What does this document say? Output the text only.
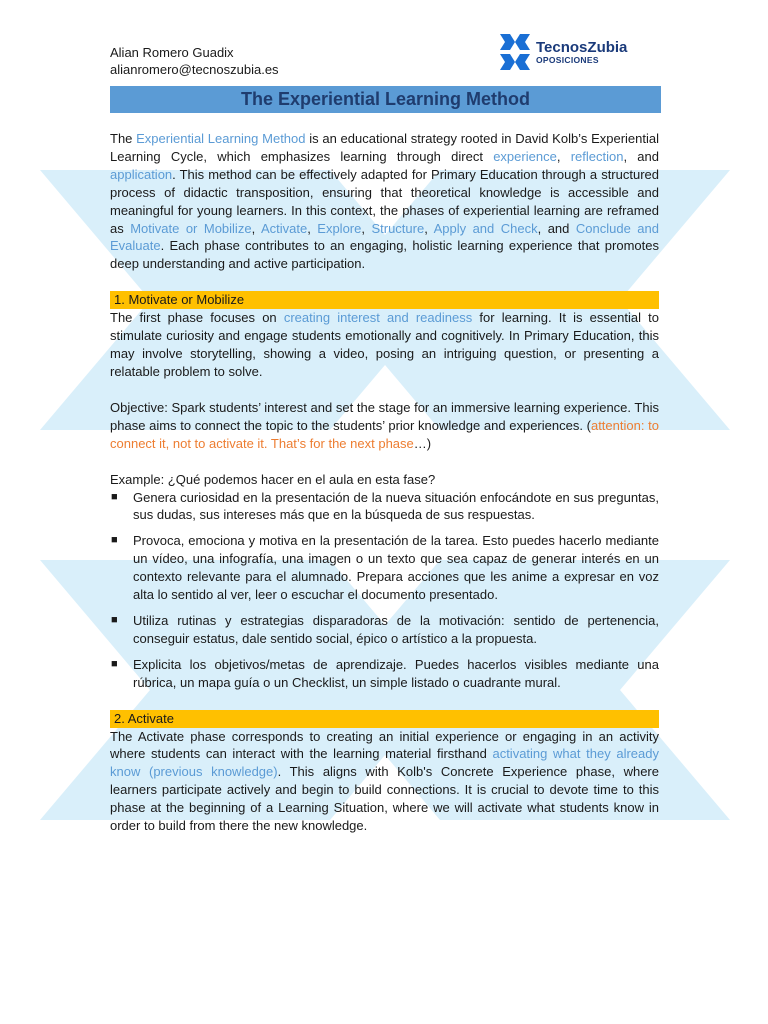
Alian Romero Guadix
alianromero@tecnoszubia.es
TecnosZubia
OPOSICIONES
The Experiential Learning Method

The Experiential Learning Method is an educational strategy rooted in David Kolb’s Experiential Learning Cycle, which emphasizes learning through direct experience, reflection, and application. This method can be effectively adapted for Primary Education through a structured process of didactic transposition, ensuring that theoretical knowledge is accessible and meaningful for young learners. In this context, the phases of experiential learning are reframed as Motivate or Mobilize, Activate, Explore, Structure, Apply and Check, and Conclude and Evaluate. Each phase contributes to an engaging, holistic learning experience that promotes deep understanding and active participation.

1. Motivate or Mobilize

The first phase focuses on creating interest and readiness for learning. It is essential to stimulate curiosity and engage students emotionally and cognitively. In Primary Education, this may involve storytelling, showing a video, posing an intriguing question, or presenting a relatable problem to solve.

Objective: Spark students’ interest and set the stage for an immersive learning experience. This phase aims to connect the topic to the students’ prior knowledge and experiences. (attention: to connect it, not to activate it. That’s for the next phase…)

Example: ¿Qué podemos hacer en el aula en esta fase?

■ Genera curiosidad en la presentación de la nueva situación enfocándote en sus preguntas, sus dudas, sus intereses más que en la búsqueda de sus respuestas.
■ Provoca, emociona y motiva en la presentación de la tarea. Esto puedes hacerlo mediante un vídeo, una infografía, una imagen o un texto que sea capaz de generar interés en un contexto relevante para el alumnado. Prepara acciones que les anime a expresar en voz alta lo sentido al ver, leer o escuchar el documento presentado.
■ Utiliza rutinas y estrategias disparadoras de la motivación: sentido de pertenencia, conseguir estatus, dale sentido social, épico o artístico a la propuesta.
■ Explicita los objetivos/metas de aprendizaje. Puedes hacerlos visibles mediante una rúbrica, un mapa guía o un Checklist, un simple listado o cuadrante mural.
2. Activate

The Activate phase corresponds to creating an initial experience or engaging in an activity where students can interact with the learning material firsthand activating what they already know (previous knowledge). This aligns with Kolb's Concrete Experience phase, where learners participate actively and begin to build connections. It is crucial to devote time to this phase at the beginning of a Learning Situation, where we will activate what students know in order to build from there the new knowledge.
